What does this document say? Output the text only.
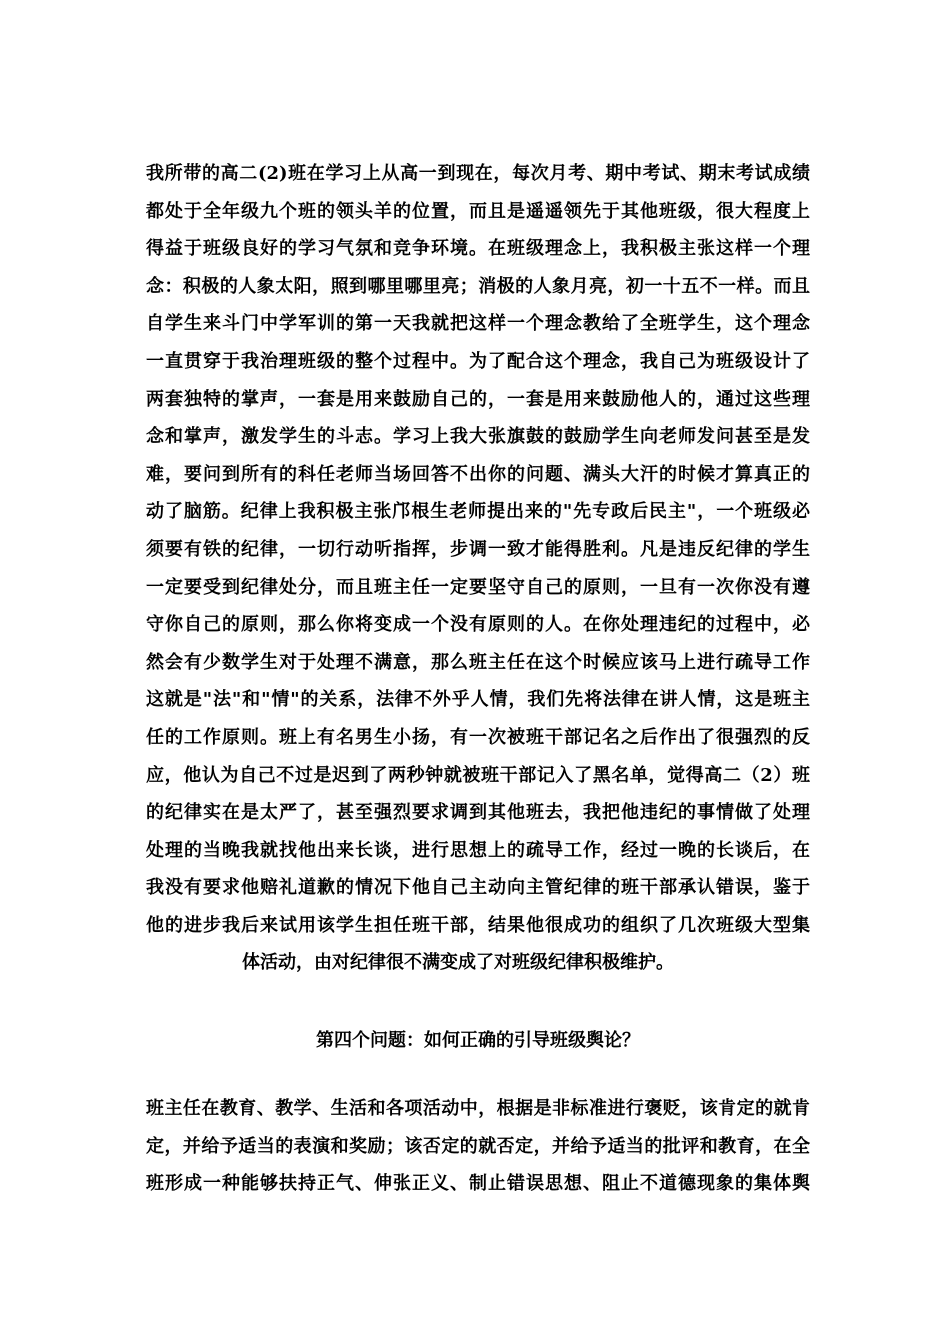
我所带的高二(2)班在学习上从高一到现在，每次月考、期中考试、期末考试成绩
都处于全年级九个班的领头羊的位置，而且是遥遥领先于其他班级，很大程度上
得益于班级良好的学习气氛和竞争环境。在班级理念上，我积极主张这样一个理
念：积极的人象太阳，照到哪里哪里亮；消极的人象月亮，初一十五不一样。而且
自学生来斗门中学军训的第一天我就把这样一个理念教给了全班学生，这个理念
一直贯穿于我治理班级的整个过程中。为了配合这个理念，我自己为班级设计了
两套独特的掌声，一套是用来鼓励自己的，一套是用来鼓励他人的，通过这些理
念和掌声，激发学生的斗志。学习上我大张旗鼓的鼓励学生向老师发问甚至是发
难，要问到所有的科任老师当场回答不出你的问题、满头大汗的时候才算真正的
动了脑筋。纪律上我积极主张邝根生老师提出来的"先专政后民主"，一个班级必
须要有铁的纪律，一切行动听指挥，步调一致才能得胜利。凡是违反纪律的学生
一定要受到纪律处分，而且班主任一定要坚守自己的原则，一旦有一次你没有遵
守你自己的原则，那么你将变成一个没有原则的人。在你处理违纪的过程中，必
然会有少数学生对于处理不满意，那么班主任在这个时候应该马上进行疏导工作
这就是"法"和"情"的关系，法律不外乎人情，我们先将法律在讲人情，这是班主
任的工作原则。班上有名男生小扬，有一次被班干部记名之后作出了很强烈的反
应，他认为自己不过是迟到了两秒钟就被班干部记入了黑名单，觉得高二（2）班
的纪律实在是太严了，甚至强烈要求调到其他班去，我把他违纪的事情做了处理
处理的当晚我就找他出来长谈，进行思想上的疏导工作，经过一晚的长谈后，在
我没有要求他赔礼道歉的情况下他自己主动向主管纪律的班干部承认错误，鉴于
他的进步我后来试用该学生担任班干部，结果他很成功的组织了几次班级大型集
体活动，由对纪律很不满变成了对班级纪律积极维护。
第四个问题：如何正确的引导班级舆论？
班主任在教育、教学、生活和各项活动中，根据是非标准进行褒贬，该肯定的就肯
定，并给予适当的表演和奖励；该否定的就否定，并给予适当的批评和教育，在全
班形成一种能够扶持正气、伸张正义、制止错误思想、阻止不道德现象的集体舆
